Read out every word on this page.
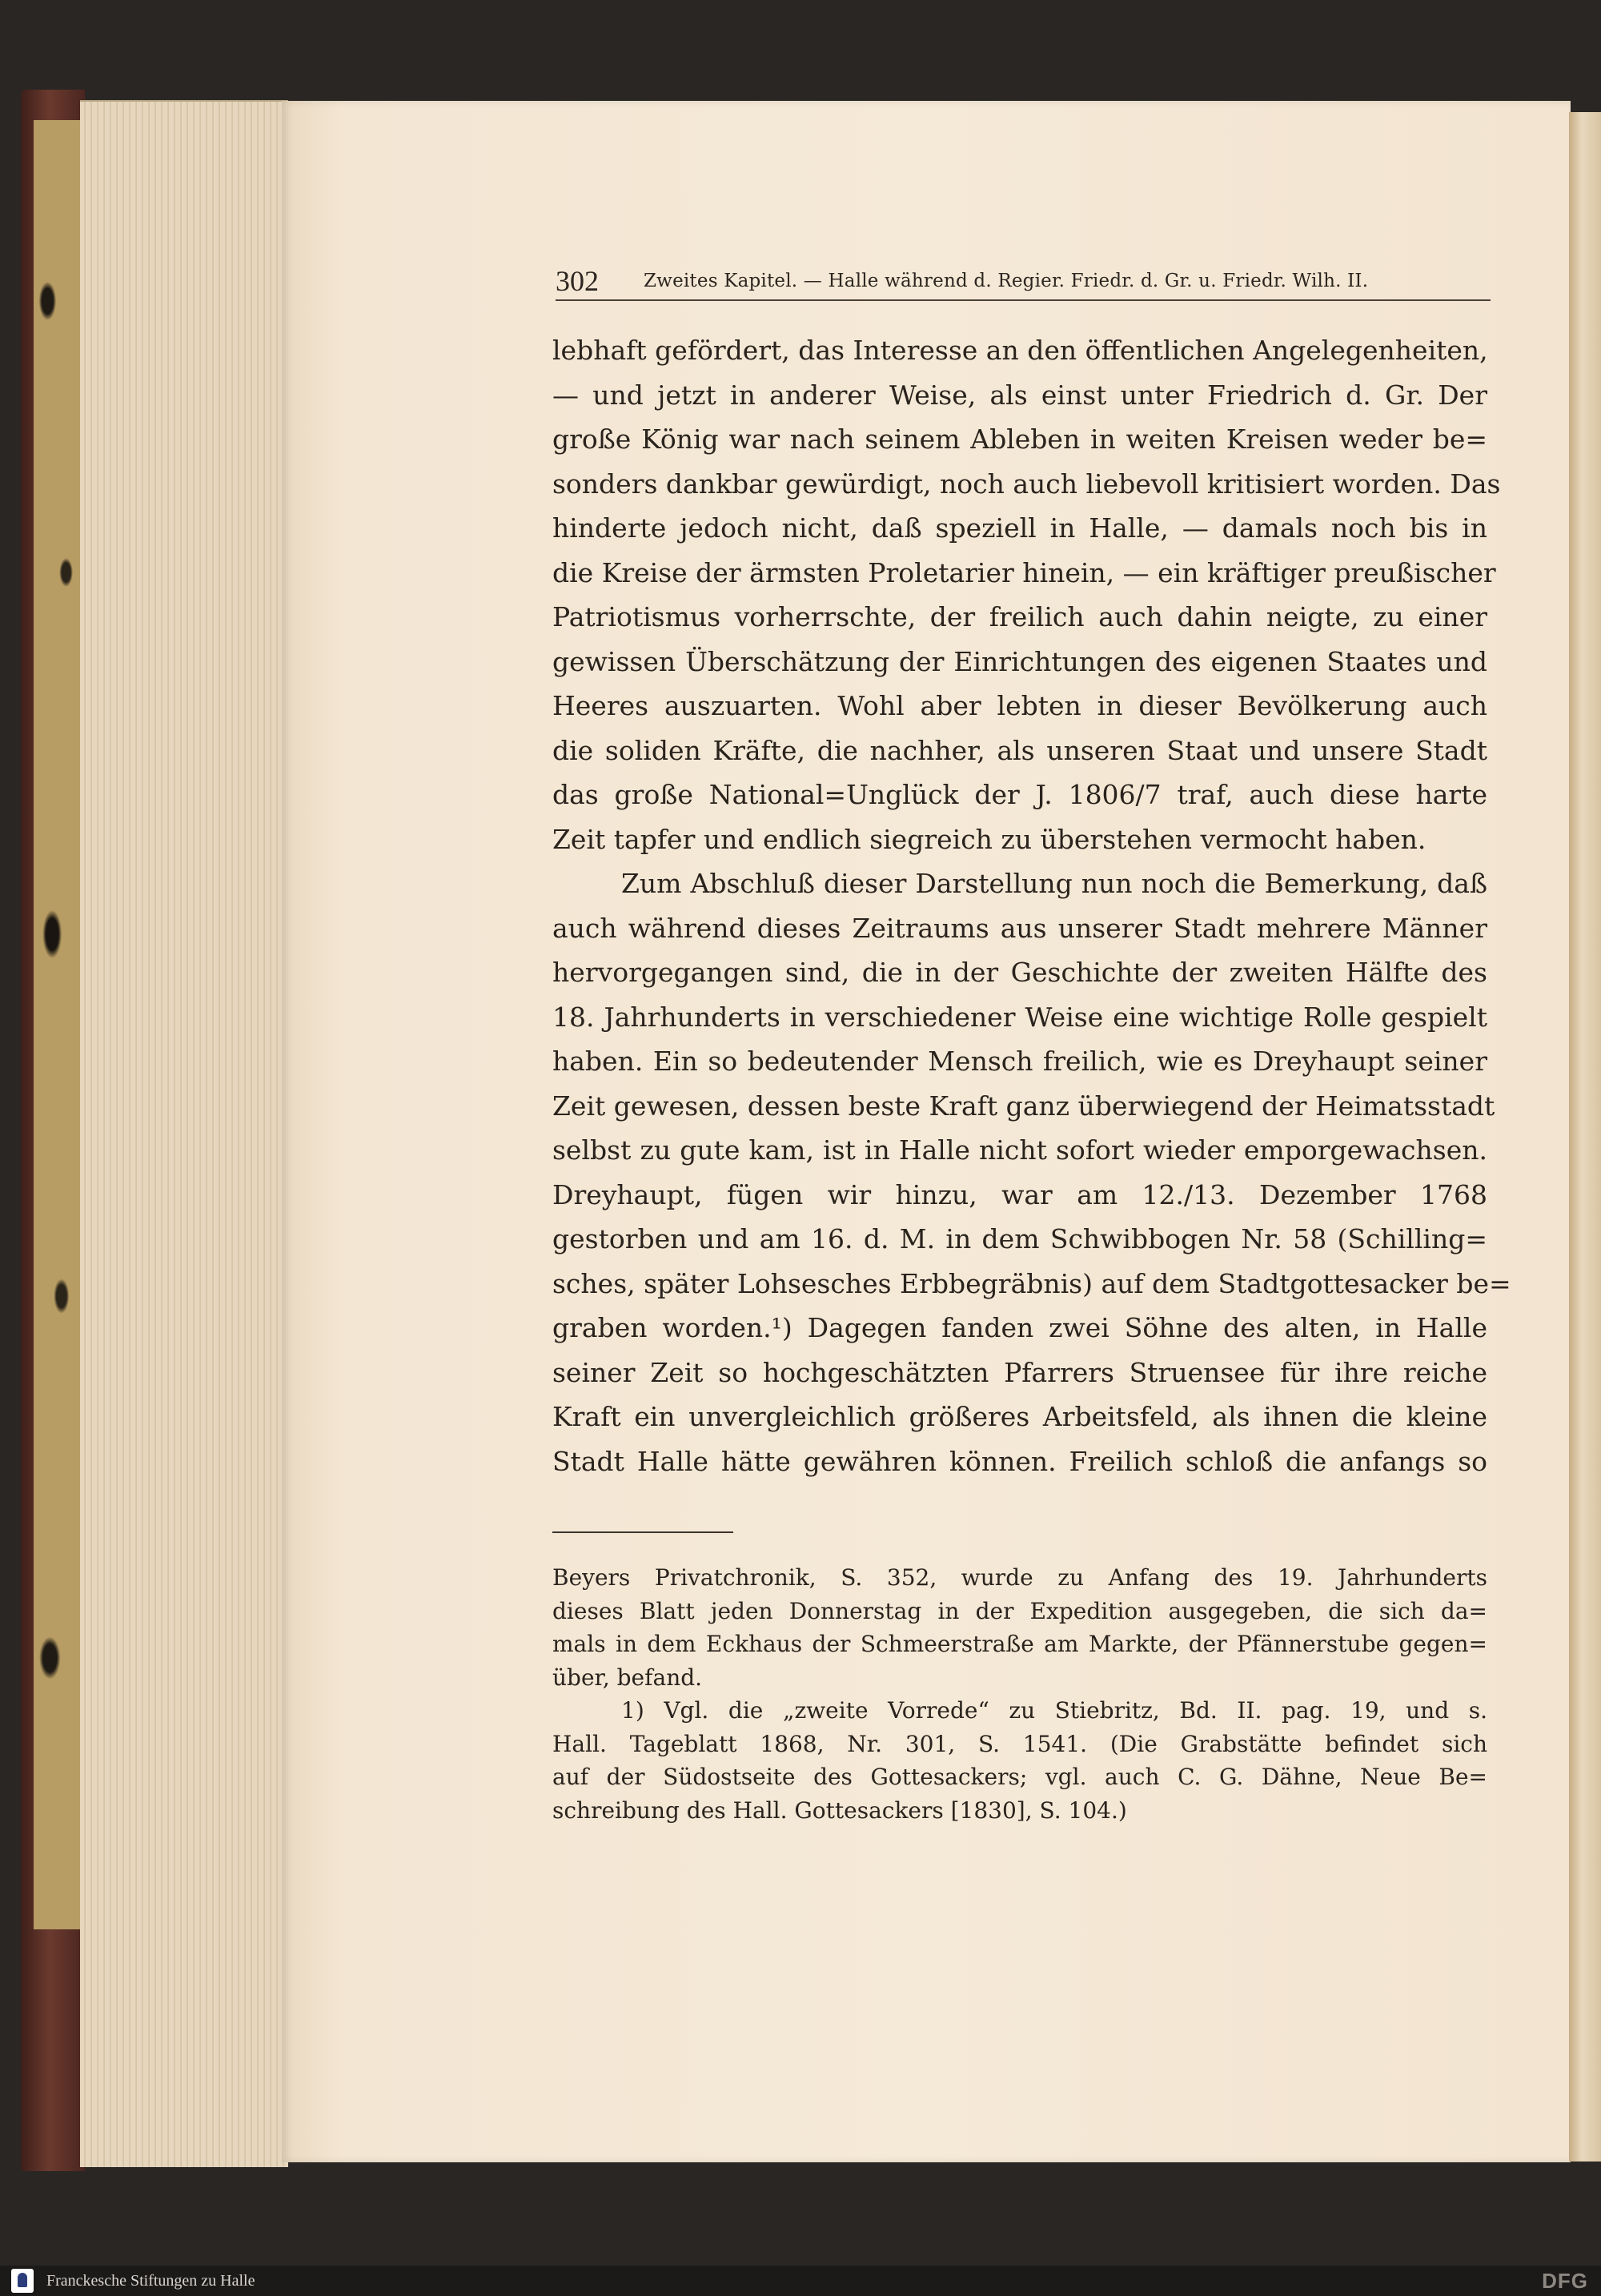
302 Zweites Kapitel. — Halle während d. Regier. Friedr. d. Gr. u. Friedr. Wilh. II.
lebhaft gefördert, das Interesse an den öffentlichen Angelegenheiten,
— und jetzt in anderer Weise, als einst unter Friedrich d. Gr. Der
große König war nach seinem Ableben in weiten Kreisen weder be=
sonders dankbar gewürdigt, noch auch liebevoll kritisiert worden. Das
hinderte jedoch nicht, daß speziell in Halle, — damals noch bis in
die Kreise der ärmsten Proletarier hinein, — ein kräftiger preußischer
Patriotismus vorherrschte, der freilich auch dahin neigte, zu einer
gewissen Überschätzung der Einrichtungen des eigenen Staates und
Heeres auszuarten. Wohl aber lebten in dieser Bevölkerung auch
die soliden Kräfte, die nachher, als unseren Staat und unsere Stadt
das große National=Unglück der J. 1806/7 traf, auch diese harte
Zeit tapfer und endlich siegreich zu überstehen vermocht haben.
Zum Abschluß dieser Darstellung nun noch die Bemerkung, daß
auch während dieses Zeitraums aus unserer Stadt mehrere Männer
hervorgegangen sind, die in der Geschichte der zweiten Hälfte des
18. Jahrhunderts in verschiedener Weise eine wichtige Rolle gespielt
haben. Ein so bedeutender Mensch freilich, wie es Dreyhaupt seiner
Zeit gewesen, dessen beste Kraft ganz überwiegend der Heimatsstadt
selbst zu gute kam, ist in Halle nicht sofort wieder emporgewachsen.
Dreyhaupt, fügen wir hinzu, war am 12./13. Dezember 1768
gestorben und am 16. d. M. in dem Schwibbogen Nr. 58 (Schilling=
sches, später Lohsesches Erbbegräbnis) auf dem Stadtgottesacker be=
graben worden.¹) Dagegen fanden zwei Söhne des alten, in Halle
seiner Zeit so hochgeschätzten Pfarrers Struensee für ihre reiche
Kraft ein unvergleichlich größeres Arbeitsfeld, als ihnen die kleine
Stadt Halle hätte gewähren können. Freilich schloß die anfangs so
Beyers Privatchronik, S. 352, wurde zu Anfang des 19. Jahrhunderts
dieses Blatt jeden Donnerstag in der Expedition ausgegeben, die sich da=
mals in dem Eckhaus der Schmeerstraße am Markte, der Pfännerstube gegen=
über, befand.
1) Vgl. die „zweite Vorrede“ zu Stiebritz, Bd. II. pag. 19, und s.
Hall. Tageblatt 1868, Nr. 301, S. 1541. (Die Grabstätte befindet sich
auf der Südostseite des Gottesackers; vgl. auch C. G. Dähne, Neue Be=
schreibung des Hall. Gottesackers [1830], S. 104.)
Franckesche Stiftungen zu Halle	DFG
